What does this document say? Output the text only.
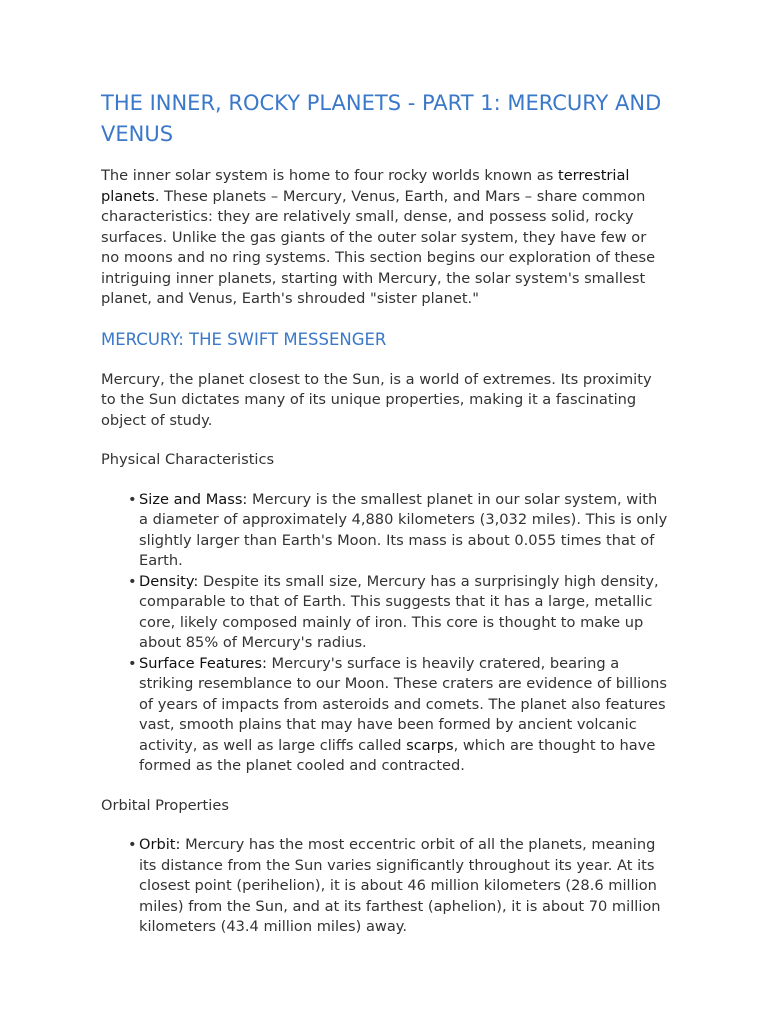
THE INNER, ROCKY PLANETS - PART 1: MERCURY AND VENUS

The inner solar system is home to four rocky worlds known as terrestrial planets. These planets – Mercury, Venus, Earth, and Mars – share common characteristics: they are relatively small, dense, and possess solid, rocky surfaces. Unlike the gas giants of the outer solar system, they have few or no moons and no ring systems. This section begins our exploration of these intriguing inner planets, starting with Mercury, the solar system's smallest planet, and Venus, Earth's shrouded "sister planet."

MERCURY: THE SWIFT MESSENGER

Mercury, the planet closest to the Sun, is a world of extremes. Its proximity to the Sun dictates many of its unique properties, making it a fascinating object of study.

Physical Characteristics
• Size and Mass: Mercury is the smallest planet in our solar system, with a diameter of approximately 4,880 kilometers (3,032 miles). This is only slightly larger than Earth's Moon. Its mass is about 0.055 times that of Earth.
• Density: Despite its small size, Mercury has a surprisingly high density, comparable to that of Earth. This suggests that it has a large, metallic core, likely composed mainly of iron. This core is thought to make up about 85% of Mercury's radius.
• Surface Features: Mercury's surface is heavily cratered, bearing a striking resemblance to our Moon. These craters are evidence of billions of years of impacts from asteroids and comets. The planet also features vast, smooth plains that may have been formed by ancient volcanic activity, as well as large cliffs called scarps, which are thought to have formed as the planet cooled and contracted.
Orbital Properties
• Orbit: Mercury has the most eccentric orbit of all the planets, meaning its distance from the Sun varies significantly throughout its year. At its closest point (perihelion), it is about 46 million kilometers (28.6 million miles) from the Sun, and at its farthest (aphelion), it is about 70 million kilometers (43.4 million miles) away.
